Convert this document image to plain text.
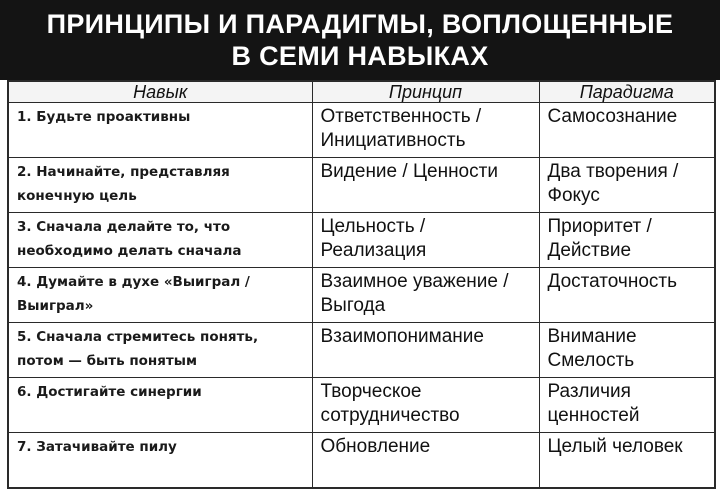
ПРИНЦИПЫ И ПАРАДИГМЫ, ВОПЛОЩЕННЫЕ
В СЕМИ НАВЫКАХ
Навык	Принцип	Парадигма
1. Будьте проактивны	Ответственность / Инициативность	Самосознание
2. Начинайте, представляя конечную цель	Видение / Ценности	Два творения / Фокус
3. Сначала делайте то, что необходимо делать сначала	Цельность / Реализация	Приоритет / Действие
4. Думайте в духе «Выиграл /Выиграл»	Взаимное уважение / Выгода	Достаточность
5. Сначала стремитесь понять, потом — быть понятым	Взаимопонимание	Внимание Смелость
6. Достигайте синергии	Творческое сотрудничество	Различия ценностей
7. Затачивайте пилу	Обновление	Целый человек
